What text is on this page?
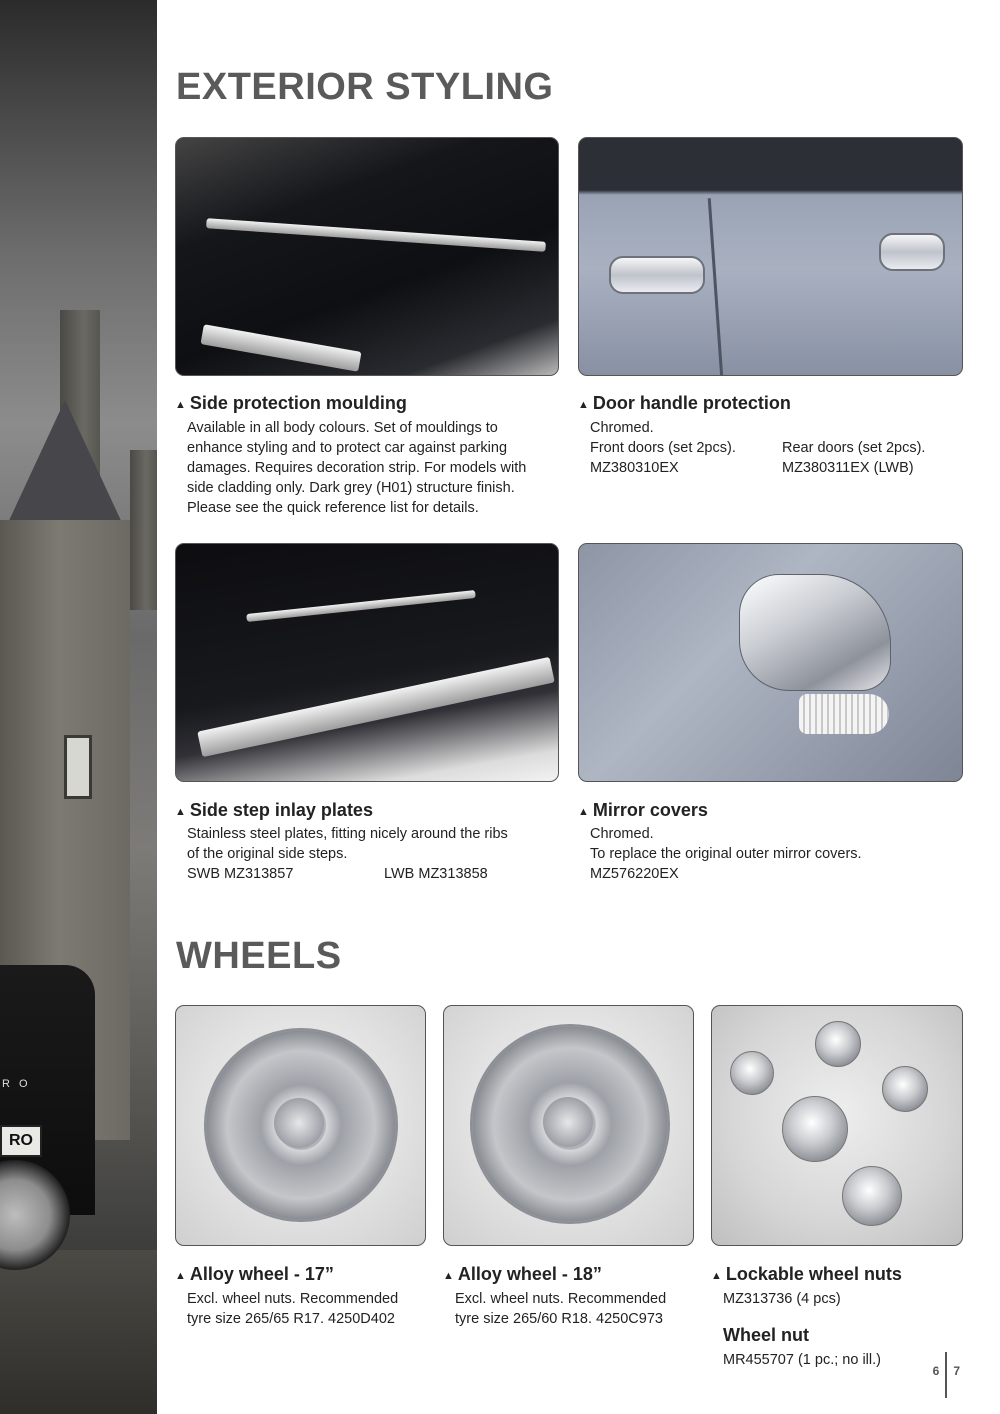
R O
RO
EXTERIOR STYLING

▲ Side protection moulding

Available in all body colours. Set of mouldings to
enhance styling and to protect car against parking
damages. Requires decoration strip. For models with
side cladding only. Dark grey (H01) structure finish.
Please see the quick reference list for details.

▲ Door handle protection

Chromed.
Front doors (set 2pcs).	Rear doors (set 2pcs).
MZ380310EX	MZ380311EX (LWB)

▲ Side step inlay plates

Stainless steel plates, fitting nicely around the ribs
of the original side steps.
SWB MZ313857	LWB MZ313858

▲ Mirror covers

Chromed.
To replace the original outer mirror covers.
MZ576220EX
WHEELS

▲ Alloy wheel - 17”

Excl. wheel nuts. Recommended
tyre size 265/65 R17. 4250D402

▲ Alloy wheel - 18”

Excl. wheel nuts. Recommended
tyre size 265/60 R18. 4250C973

▲ Lockable wheel nuts

MZ313736 (4 pcs)

Wheel nut

MR455707 (1 pc.; no ill.)
6 7
